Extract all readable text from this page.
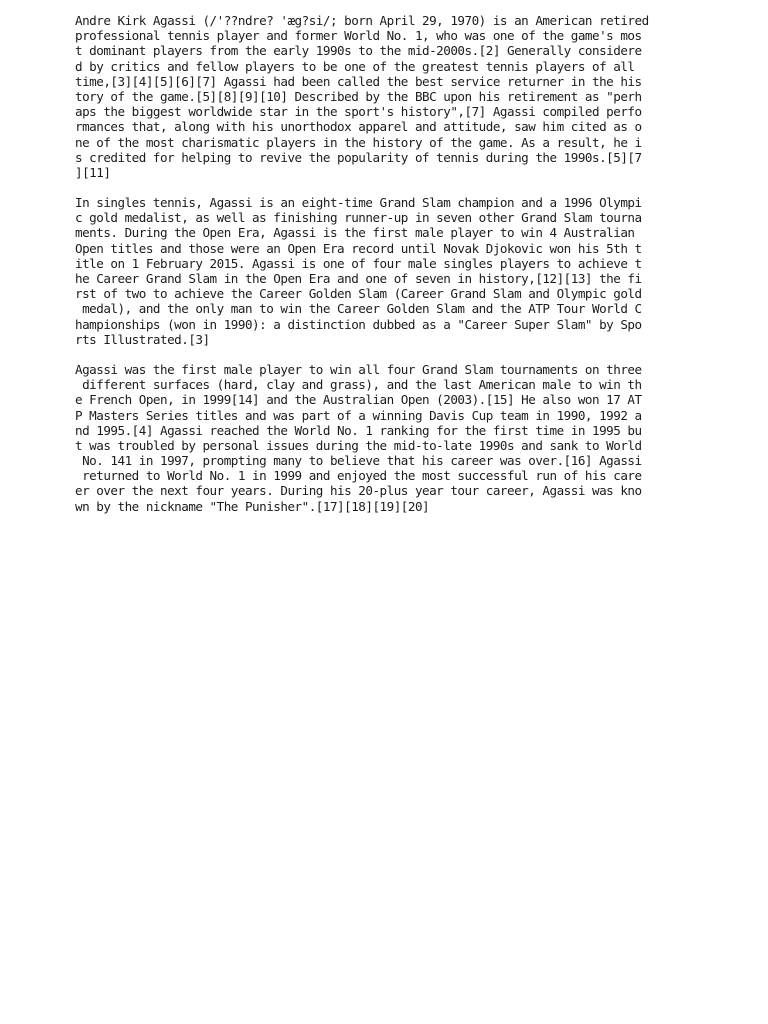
Andre Kirk Agassi (/'??ndre? 'æg?si/; born April 29, 1970) is an American retired
professional tennis player and former World No. 1, who was one of the game's mos
t dominant players from the early 1990s to the mid-2000s.[2] Generally considere
d by critics and fellow players to be one of the greatest tennis players of all
time,[3][4][5][6][7] Agassi had been called the best service returner in the his
tory of the game.[5][8][9][10] Described by the BBC upon his retirement as "perh
aps the biggest worldwide star in the sport's history",[7] Agassi compiled perfo
rmances that, along with his unorthodox apparel and attitude, saw him cited as o
ne of the most charismatic players in the history of the game. As a result, he i
s credited for helping to revive the popularity of tennis during the 1990s.[5][7
][11]
In singles tennis, Agassi is an eight-time Grand Slam champion and a 1996 Olympi
c gold medalist, as well as finishing runner-up in seven other Grand Slam tourna
ments. During the Open Era, Agassi is the first male player to win 4 Australian
Open titles and those were an Open Era record until Novak Djokovic won his 5th t
itle on 1 February 2015. Agassi is one of four male singles players to achieve t
he Career Grand Slam in the Open Era and one of seven in history,[12][13] the fi
rst of two to achieve the Career Golden Slam (Career Grand Slam and Olympic gold
medal), and the only man to win the Career Golden Slam and the ATP Tour World C
hampionships (won in 1990): a distinction dubbed as a "Career Super Slam" by Spo
rts Illustrated.[3]
Agassi was the first male player to win all four Grand Slam tournaments on three
different surfaces (hard, clay and grass), and the last American male to win th
e French Open, in 1999[14] and the Australian Open (2003).[15] He also won 17 AT
P Masters Series titles and was part of a winning Davis Cup team in 1990, 1992 a
nd 1995.[4] Agassi reached the World No. 1 ranking for the first time in 1995 bu
t was troubled by personal issues during the mid-to-late 1990s and sank to World
No. 141 in 1997, prompting many to believe that his career was over.[16] Agassi
returned to World No. 1 in 1999 and enjoyed the most successful run of his care
er over the next four years. During his 20-plus year tour career, Agassi was kno
wn by the nickname "The Punisher".[17][18][19][20]
